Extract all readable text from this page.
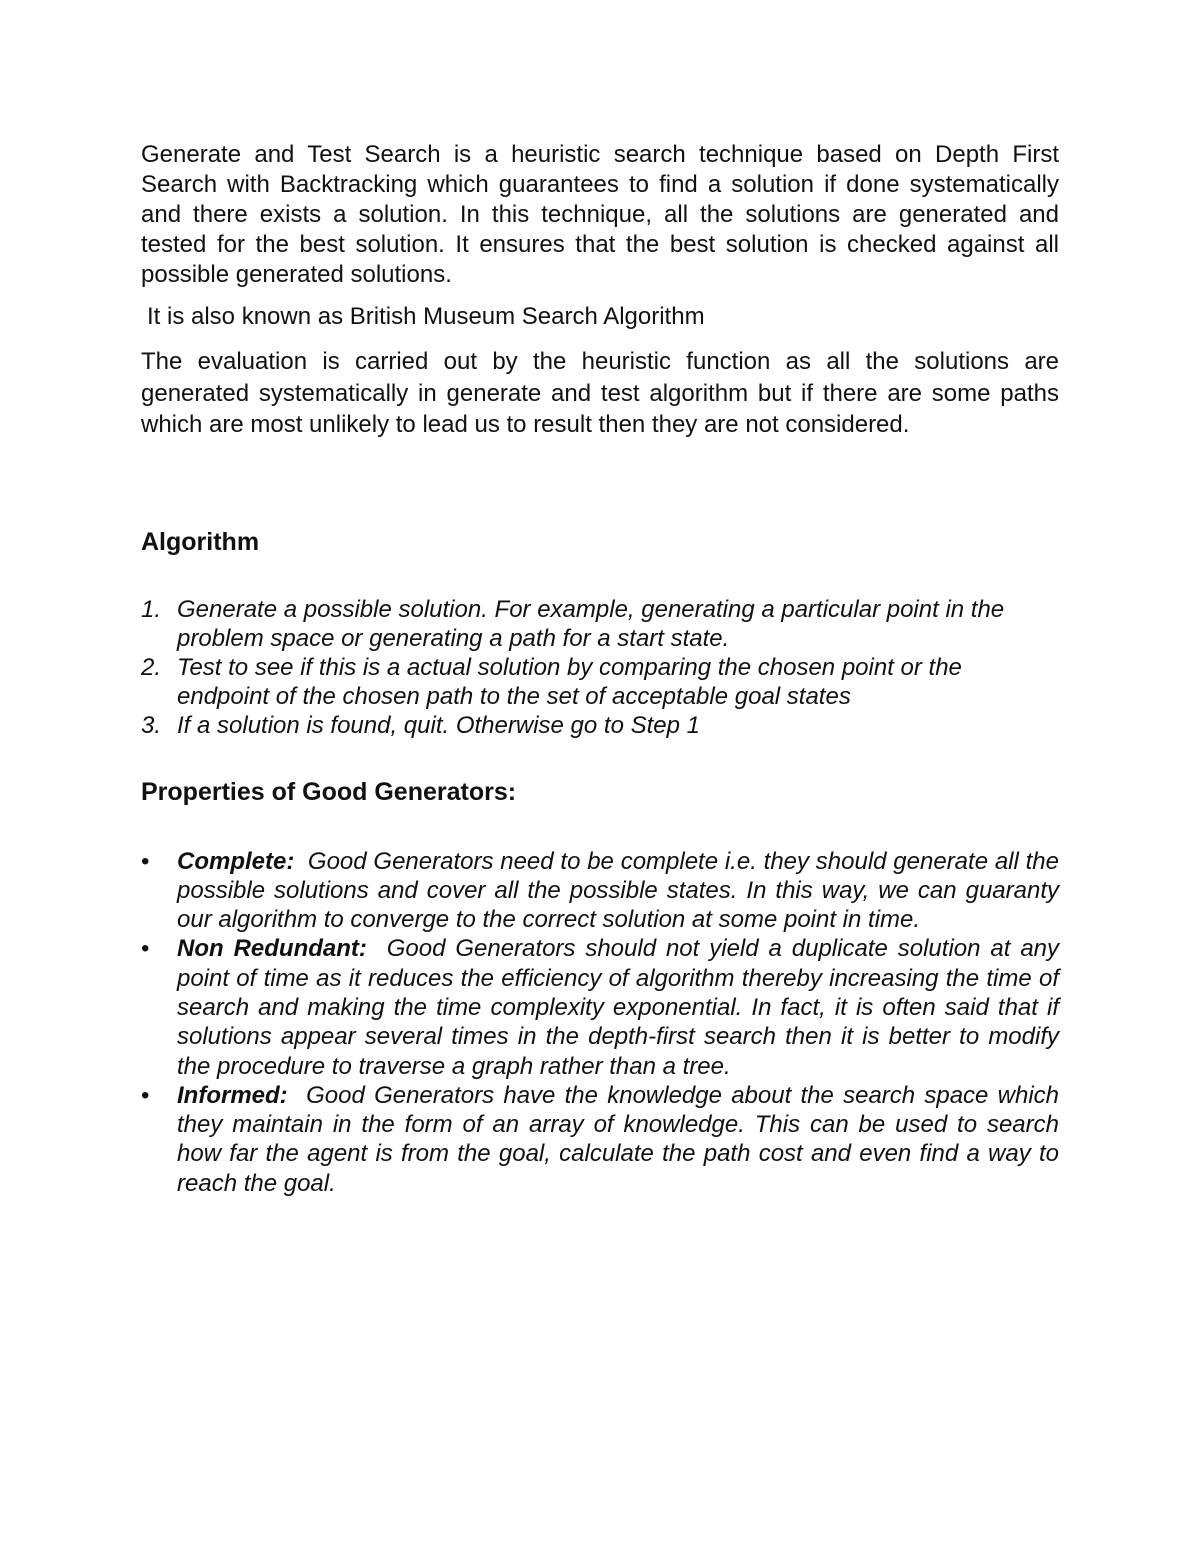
Generate and Test Search is a heuristic search technique based on Depth First Search with Backtracking which guarantees to find a solution if done systematically and there exists a solution. In this technique, all the solutions are generated and tested for the best solution. It ensures that the best solution is checked against all possible generated solutions.

It is also known as British Museum Search Algorithm

The evaluation is carried out by the heuristic function as all the solutions are generated systematically in generate and test algorithm but if there are some paths which are most unlikely to lead us to result then they are not considered.

Algorithm
1. Generate a possible solution. For example, generating a particular point in the problem space or generating a path for a start state.
2. Test to see if this is a actual solution by comparing the chosen point or the endpoint of the chosen path to the set of acceptable goal states
3. If a solution is found, quit. Otherwise go to Step 1
Properties of Good Generators:
• Complete:  Good Generators need to be complete i.e. they should generate all the possible solutions and cover all the possible states. In this way, we can guaranty our algorithm to converge to the correct solution at some point in time.
• Non Redundant:  Good Generators should not yield a duplicate solution at any point of time as it reduces the efficiency of algorithm thereby increasing the time of search and making the time complexity exponential. In fact, it is often said that if solutions appear several times in the depth-first search then it is better to modify the procedure to traverse a graph rather than a tree.
• Informed:  Good Generators have the knowledge about the search space which they maintain in the form of an array of knowledge. This can be used to search how far the agent is from the goal, calculate the path cost and even find a way to reach the goal.
